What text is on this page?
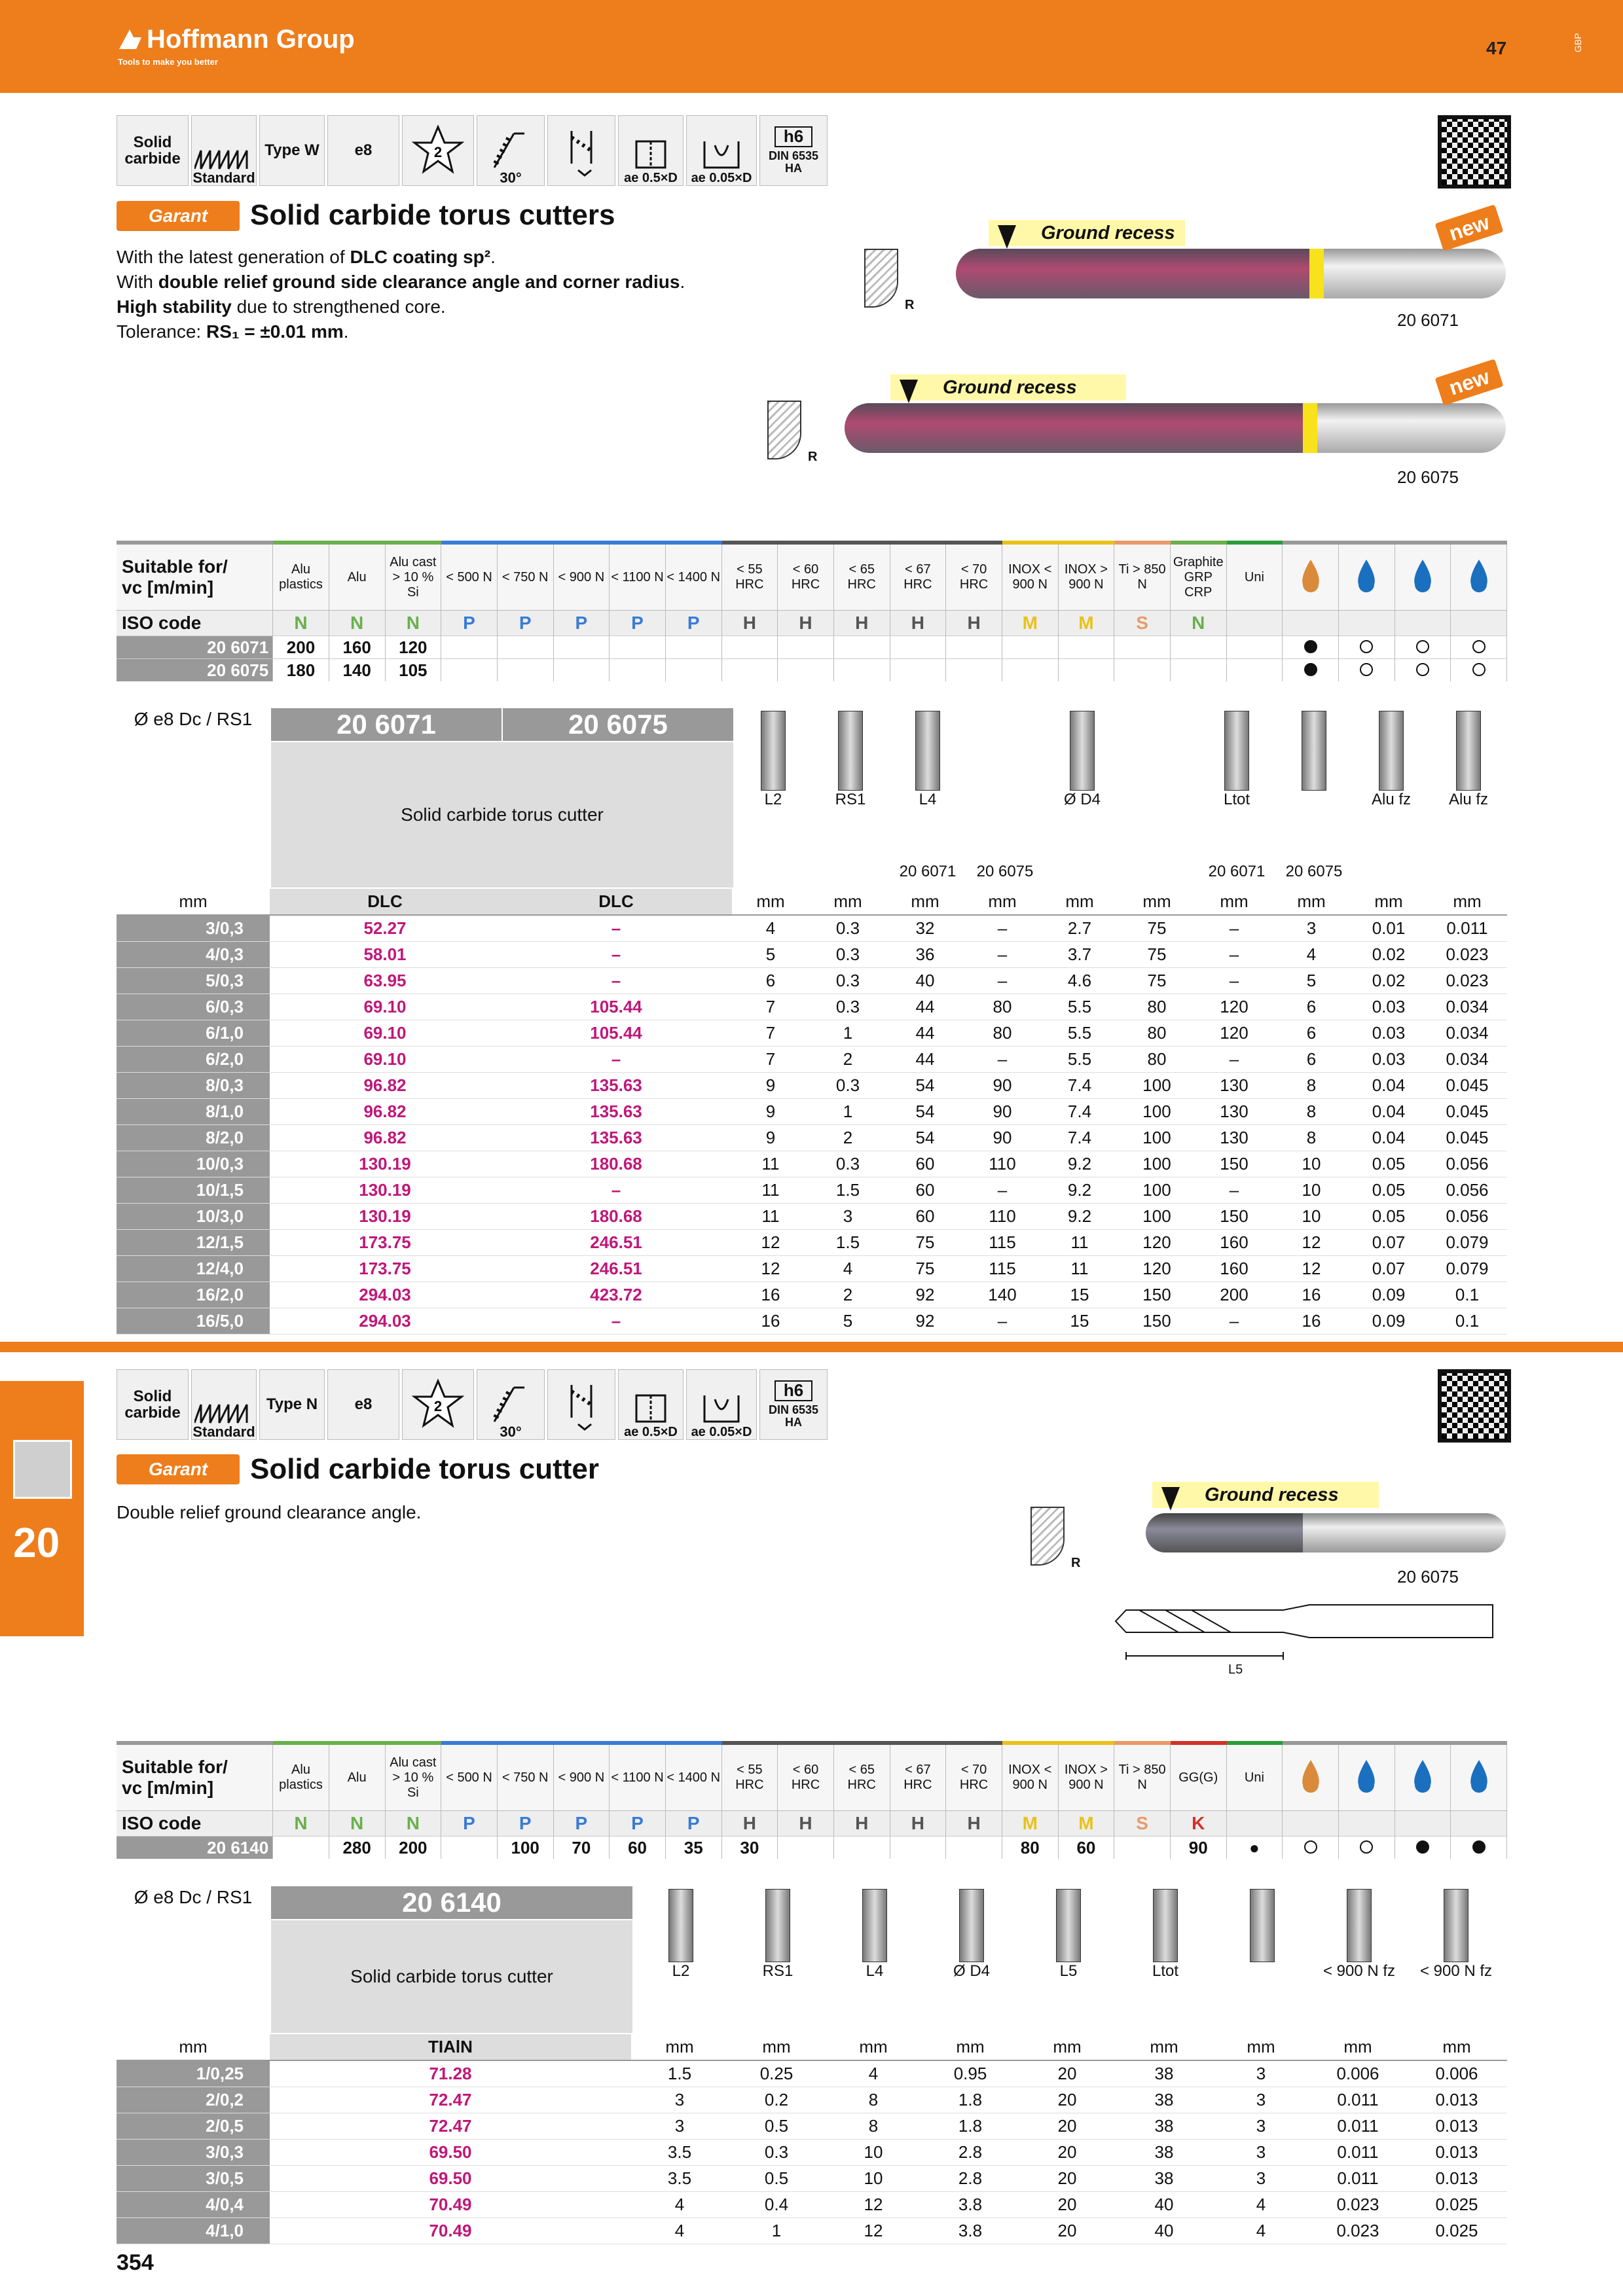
Hoffmann Group
Tools to make you better
47	GBP
Solid carbide
Standard
Type W e8	2
30°	ae 0.5×D ae 0.05×D
h6
DIN 6535 HA
Garant Solid carbide torus cutters
With the latest generation of DLC coating sp².
With double relief ground side clearance angle and corner radius.
High stability due to strengthened core.
Tolerance: RS₁ = ±0.01 mm.
R
Ground recess	new
20 6071
R
Ground recess	new
20 6075
Suitable for/
vc [m/min]	Alu plastics	Alu	Alu cast > 10 % Si	< 500 N	< 750 N	< 900 N	< 1100 N	< 1400 N	< 55 HRC	< 60 HRC	< 65 HRC	< 67 HRC	< 70 HRC	INOX < 900 N	INOX > 900 N	Ti > 850 N	Graphite GRP CRP	Uni				
ISO code	N	N	N	P	P	P	P	P	H	H	H	H	H	M	M	S	N					
20 6071	200	160	120																			
20 6075	180	140	105																			
Ø e8 Dc / RS1	20 6071	20 6075
Solid carbide torus cutter
L2	RS1	L4	Ø D4	Ltot	Alu fz	Alu fz
20 6071	20 6075	20 6071	20 6075
mm	DLC	DLC	mm	mm	mm	mm	mm	mm	mm	mm	mm	mm
3/0,3	52.27	–	4	0.3	32	–	2.7	75	–	3	0.01	0.011
4/0,3	58.01	–	5	0.3	36	–	3.7	75	–	4	0.02	0.023
5/0,3	63.95	–	6	0.3	40	–	4.6	75	–	5	0.02	0.023
6/0,3	69.10	105.44	7	0.3	44	80	5.5	80	120	6	0.03	0.034
6/1,0	69.10	105.44	7	1	44	80	5.5	80	120	6	0.03	0.034
6/2,0	69.10	–	7	2	44	–	5.5	80	–	6	0.03	0.034
8/0,3	96.82	135.63	9	0.3	54	90	7.4	100	130	8	0.04	0.045
8/1,0	96.82	135.63	9	1	54	90	7.4	100	130	8	0.04	0.045
8/2,0	96.82	135.63	9	2	54	90	7.4	100	130	8	0.04	0.045
10/0,3	130.19	180.68	11	0.3	60	110	9.2	100	150	10	0.05	0.056
10/1,5	130.19	–	11	1.5	60	–	9.2	100	–	10	0.05	0.056
10/3,0	130.19	180.68	11	3	60	110	9.2	100	150	10	0.05	0.056
12/1,5	173.75	246.51	12	1.5	75	115	11	120	160	12	0.07	0.079
12/4,0	173.75	246.51	12	4	75	115	11	120	160	12	0.07	0.079
16/2,0	294.03	423.72	16	2	92	140	15	150	200	16	0.09	0.1
16/5,0	294.03	–	16	5	92	–	15	150	–	16	0.09	0.1
20
Solid carbide
Standard
Type N e8	2
30°	ae 0.5×D ae 0.05×D
h6
DIN 6535 HA
Garant Solid carbide torus cutter
Double relief ground clearance angle.
R
Ground recess
20 6075
L5
Suitable for/
vc [m/min]	Alu plastics	Alu	Alu cast > 10 % Si	< 500 N	< 750 N	< 900 N	< 1100 N	< 1400 N	< 55 HRC	< 60 HRC	< 65 HRC	< 67 HRC	< 70 HRC	INOX < 900 N	INOX > 900 N	Ti > 850 N	GG(G)	Uni				
ISO code	N	N	N	P	P	P	P	P	H	H	H	H	H	M	M	S	K					
20 6140		280	200		100	70	60	35	30					80	60		90	●				
Ø e8 Dc / RS1	20 6140
Solid carbide torus cutter	L2	RS1	L4	Ø D4	L5	Ltot	< 900 N fz	< 900 N fz
mm	TIAlN	mm	mm	mm	mm	mm	mm	mm	mm	mm
1/0,25	71.28	1.5	0.25	4	0.95	20	38	3	0.006	0.006
2/0,2	72.47	3	0.2	8	1.8	20	38	3	0.011	0.013
2/0,5	72.47	3	0.5	8	1.8	20	38	3	0.011	0.013
3/0,3	69.50	3.5	0.3	10	2.8	20	38	3	0.011	0.013
3/0,5	69.50	3.5	0.5	10	2.8	20	38	3	0.011	0.013
4/0,4	70.49	4	0.4	12	3.8	20	40	4	0.023	0.025
4/1,0	70.49	4	1	12	3.8	20	40	4	0.023	0.025
354
